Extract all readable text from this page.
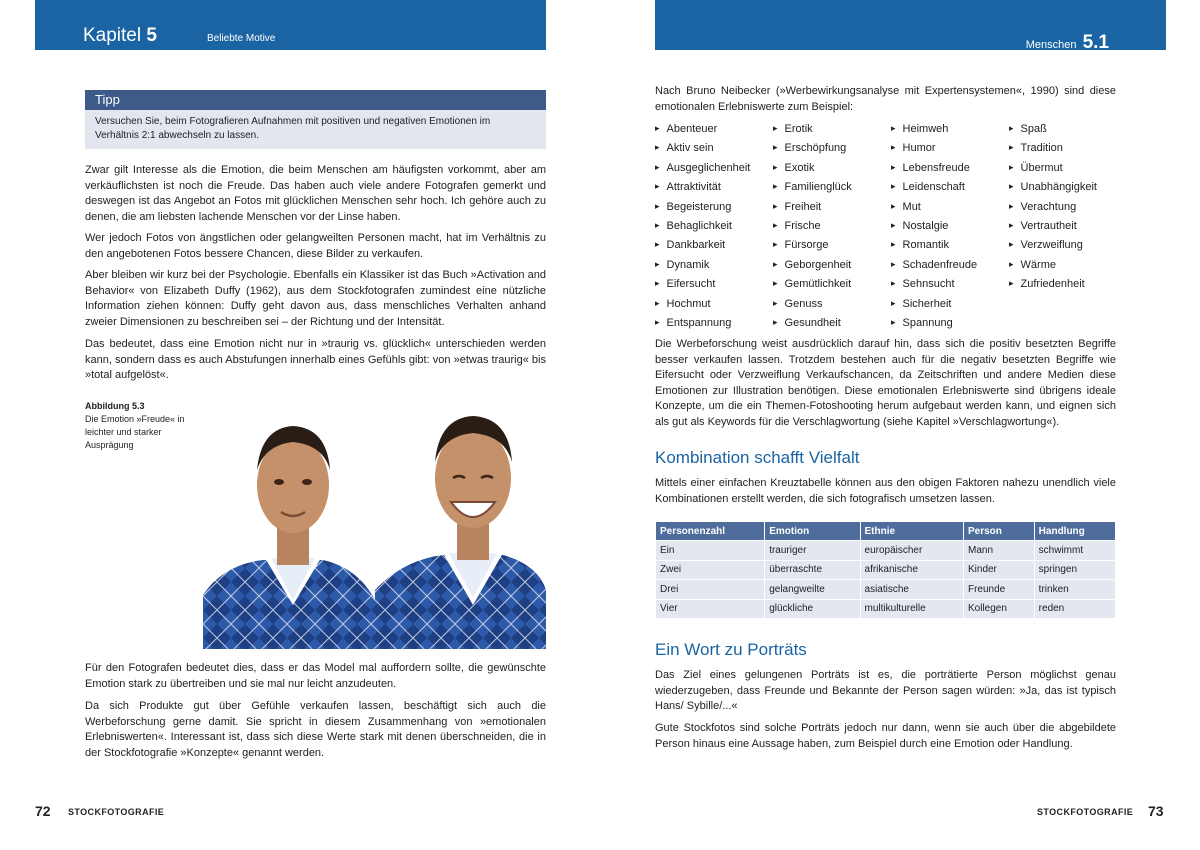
Kapitel 5	Beliebte Motive
Menschen 5.1
Tipp
Versuchen Sie, beim Fotografieren Aufnahmen mit positiven und negativen Emotionen im Verhältnis 2:1 abwechseln zu lassen.

Zwar gilt Interesse als die Emotion, die beim Menschen am häufigsten vorkommt, aber am verkäuflichsten ist noch die Freude. Das haben auch viele andere Fotografen gemerkt und deswegen ist das Angebot an Fotos mit glücklichen Menschen sehr hoch. Ich gehöre auch zu denen, die am liebsten lachende Menschen vor der Linse haben.

Wer jedoch Fotos von ängstlichen oder gelangweilten Personen macht, hat im Verhältnis zu den angebotenen Fotos bessere Chancen, diese Bilder zu verkaufen.

Aber bleiben wir kurz bei der Psychologie. Ebenfalls ein Klassiker ist das Buch »Activation and Behavior« von Elizabeth Duffy (1962), aus dem Stockfotografen zumindest eine nützliche Information ziehen können: Duffy geht davon aus, dass menschliches Verhalten anhand zweier Dimensionen zu beschreiben sei – der Richtung und der Intensität.

Das bedeutet, dass eine Emotion nicht nur in »traurig vs. glücklich« unterschieden werden kann, sondern dass es auch Abstufungen innerhalb eines Gefühls gibt: von »etwas traurig« bis »total aufgelöst«.

Abbildung 5.3
Die Emotion »Freude« in leichter und starker Ausprägung

Für den Fotografen bedeutet dies, dass er das Model mal auffordern sollte, die gewünschte Emotion stark zu übertreiben und sie mal nur leicht anzudeuten.

Da sich Produkte gut über Gefühle verkaufen lassen, beschäftigt sich auch die Werbeforschung gerne damit. Sie spricht in diesem Zusammenhang von »emotionalen Erlebniswerten«. Interessant ist, dass sich diese Werte stark mit denen überschneiden, die in der Stockfotografie »Konzepte« genannt werden.

Nach Bruno Neibecker (»Werbewirkungsanalyse mit Expertensystemen«, 1990) sind diese emotionalen Erlebniswerte zum Beispiel:

▸ Abenteuer
▸ Aktiv sein
▸ Ausgeglichenheit
▸ Attraktivität
▸ Begeisterung
▸ Behaglichkeit
▸ Dankbarkeit
▸ Dynamik
▸ Eifersucht
▸ Hochmut
▸ Entspannung
▸ Erotik
▸ Erschöpfung
▸ Exotik
▸ Familienglück
▸ Freiheit
▸ Frische
▸ Fürsorge
▸ Geborgenheit
▸ Gemütlichkeit
▸ Genuss
▸ Gesundheit
▸ Heimweh
▸ Humor
▸ Lebensfreude
▸ Leidenschaft
▸ Mut
▸ Nostalgie
▸ Romantik
▸ Schadenfreude
▸ Sehnsucht
▸ Sicherheit
▸ Spannung
▸ Spaß
▸ Tradition
▸ Übermut
▸ Unabhängigkeit
▸ Verachtung
▸ Vertrautheit
▸ Verzweiflung
▸ Wärme
▸ Zufriedenheit

Die Werbeforschung weist ausdrücklich darauf hin, dass sich die positiv besetzten Begriffe besser verkaufen lassen. Trotzdem bestehen auch für die negativ besetzten Begriffe wie Eifersucht oder Verzweiflung Verkaufschancen, da Zeitschriften und andere Medien diese Emotionen zur Illustration benötigen. Diese emotionalen Erlebniswerte sind übrigens ideale Konzepte, um die ein Themen-Fotoshooting herum aufgebaut werden kann, und eignen sich als gut als Keywords für die Verschlagwortung (siehe Kapitel »Verschlagwortung«).

Kombination schafft Vielfalt

Mittels einer einfachen Kreuztabelle können aus den obigen Faktoren nahezu unendlich viele Kombinationen erstellt werden, die sich fotografisch umsetzen lassen.

Personenzahl	Emotion	Ethnie	Person	Handlung
Ein	trauriger	europäischer	Mann	schwimmt
Zwei	überraschte	afrikanische	Kinder	springen
Drei	gelangweilte	asiatische	Freunde	trinken
Vier	glückliche	multikulturelle	Kollegen	reden
Ein Wort zu Porträts

Das Ziel eines gelungenen Porträts ist es, die porträtierte Person möglichst genau wiederzugeben, dass Freunde und Bekannte der Person sagen würden: »Ja, das ist typisch Hans/ Sybille/...«

Gute Stockfotos sind solche Porträts jedoch nur dann, wenn sie auch über die abgebildete Person hinaus eine Aussage haben, zum Beispiel durch eine Emotion oder Handlung.

72 STOCKFOTOGRAFIE	STOCKFOTOGRAFIE 73
